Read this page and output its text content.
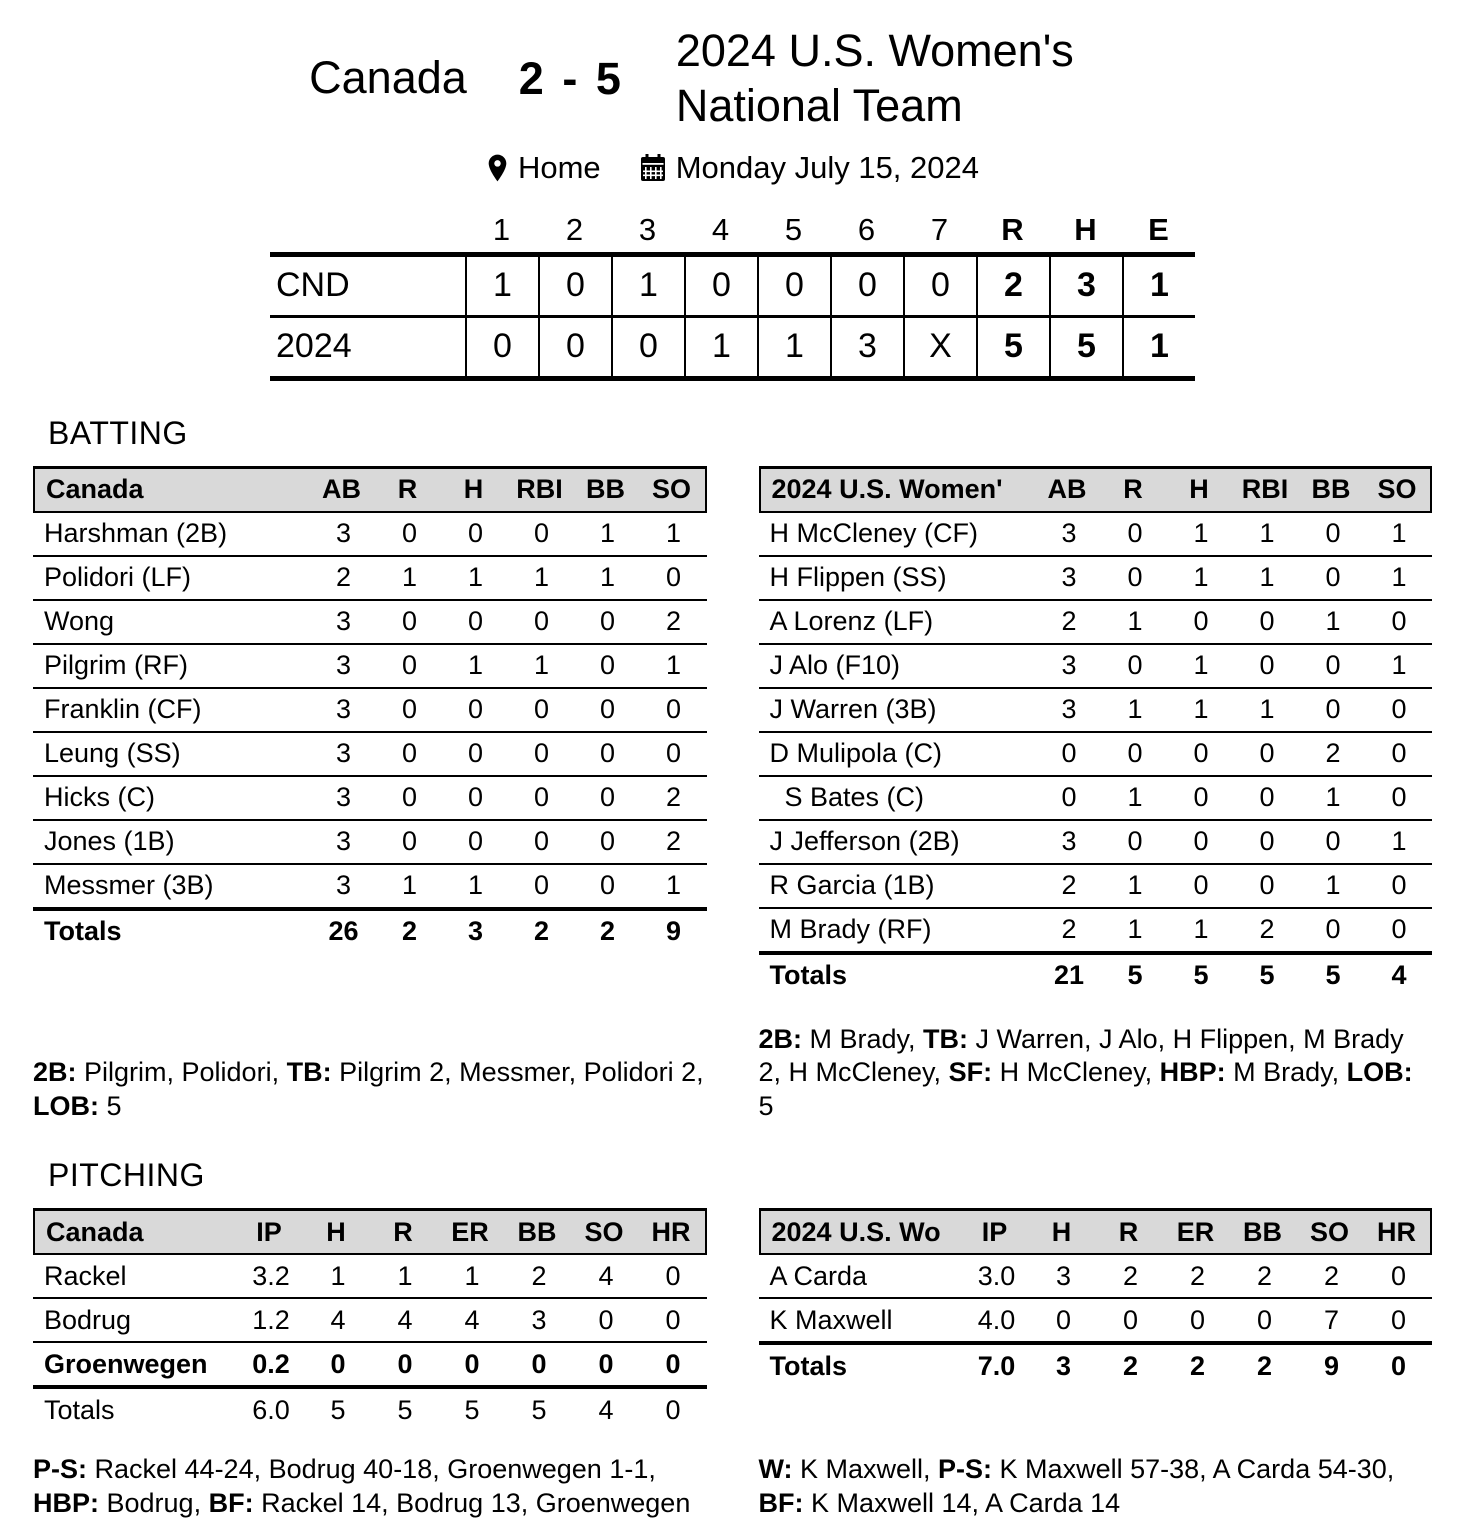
Canada 2 - 5
2024 U.S. Women's National Team
Home Monday July 15, 2024
1	2	3	4	5	6	7	R	H	E
CND	1	0	1	0	0	0	0	2	3	1
2024	0	0	0	1	1	3	X	5	5	1
BATTING
Canada	AB	R	H	RBI BB SO
Harshman (2B)	3	0	0	0	1	1
Polidori (LF)	2	1	1	1	1	0
Wong	3	0	0	0	0	2
Pilgrim (RF)	3	0	1	1	0	1
Franklin (CF)	3	0	0	0	0	0
Leung (SS)	3	0	0	0	0	0
Hicks (C)	3	0	0	0	0	2
Jones (1B)	3	0	0	0	0	2
Messmer (3B)	3	1	1	0	0	1
Totals	26	2	3	2	2	9
2B: Pilgrim, Polidori, TB: Pilgrim 2, Messmer, Polidori 2, LOB: 5
2024 U.S. Women'	AB	R	H	RBI BB SO
H McCleney (CF)	3	0	1	1	0	1
H Flippen (SS)	3	0	1	1	0	1
A Lorenz (LF)	2	1	0	0	1	0
J Alo (F10)	3	0	1	0	0	1
J Warren (3B)	3	1	1	1	0	0
D Mulipola (C)	0	0	0	0	2	0
S Bates (C)	0	1	0	0	1	0
J Jefferson (2B)	3	0	0	0	0	1
R Garcia (1B)	2	1	0	0	1	0
M Brady (RF)	2	1	1	2	0	0
Totals	21	5	5	5	5	4
2B: M Brady, TB: J Warren, J Alo, H Flippen, M Brady 2, H McCleney, SF: H McCleney, HBP: M Brady, LOB: 5
PITCHING
Canada	IP	H	R	ER	BB	SO	HR
Rackel	3.2	1	1	1	2	4	0
Bodrug	1.2	4	4	4	3	0	0
Groenwegen	0.2	0	0	0	0	0	0
Totals	6.0	5	5	5	5	4	0
P-S: Rackel 44-24, Bodrug 40-18, Groenwegen 1-1, HBP: Bodrug, BF: Rackel 14, Bodrug 13, Groenwegen
2024 U.S. Wo	IP	H	R	ER	BB	SO	HR
A Carda	3.0	3	2	2	2	2	0
K Maxwell	4.0	0	0	0	0	7	0
Totals	7.0	3	2	2	2	9	0
W: K Maxwell, P-S: K Maxwell 57-38, A Carda 54-30, BF: K Maxwell 14, A Carda 14
